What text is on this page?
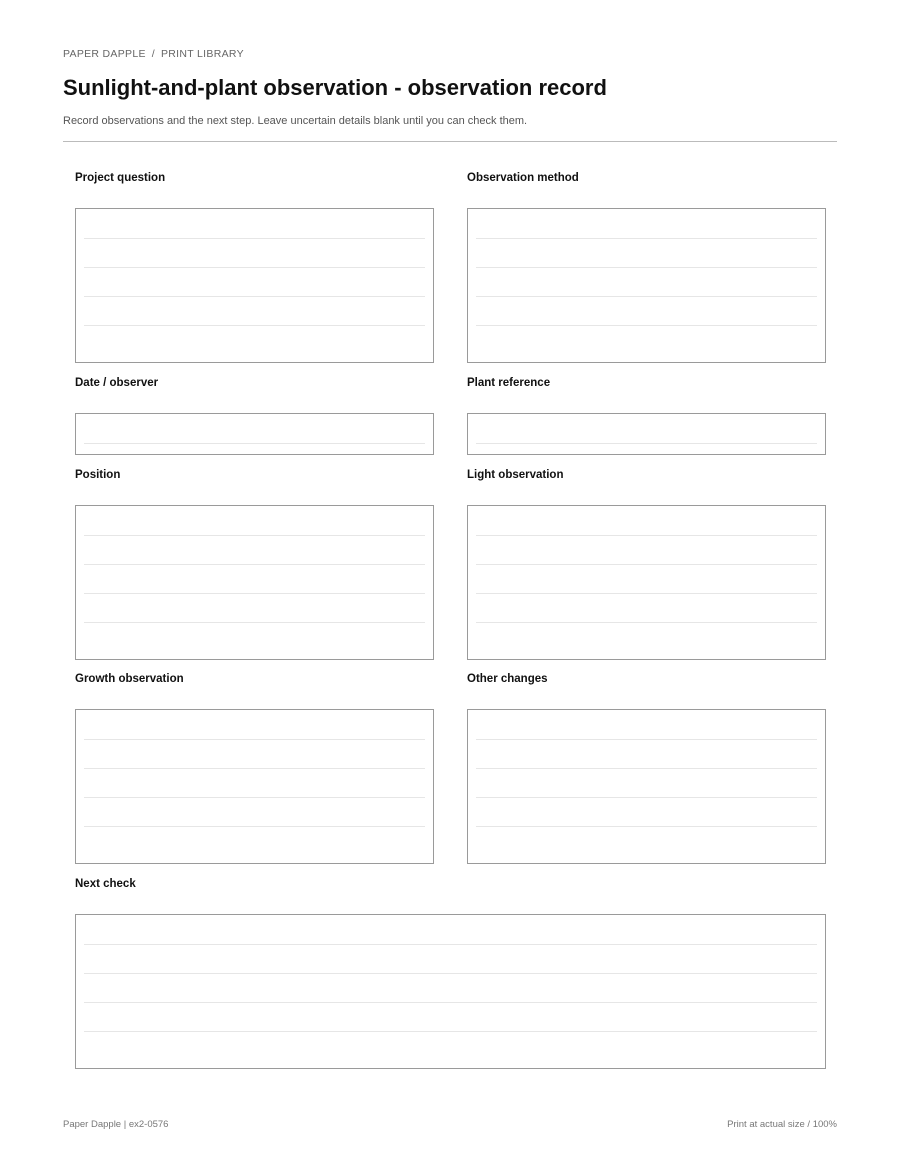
PAPER DAPPLE / PRINT LIBRARY
Sunlight-and-plant observation - observation record
Record observations and the next step. Leave uncertain details blank until you can check them.
Project question	Observation method
Date / observer	Plant reference
Position	Light observation
Growth observation	Other changes
Next check
Paper Dapple | ex2-0576	Print at actual size / 100%
